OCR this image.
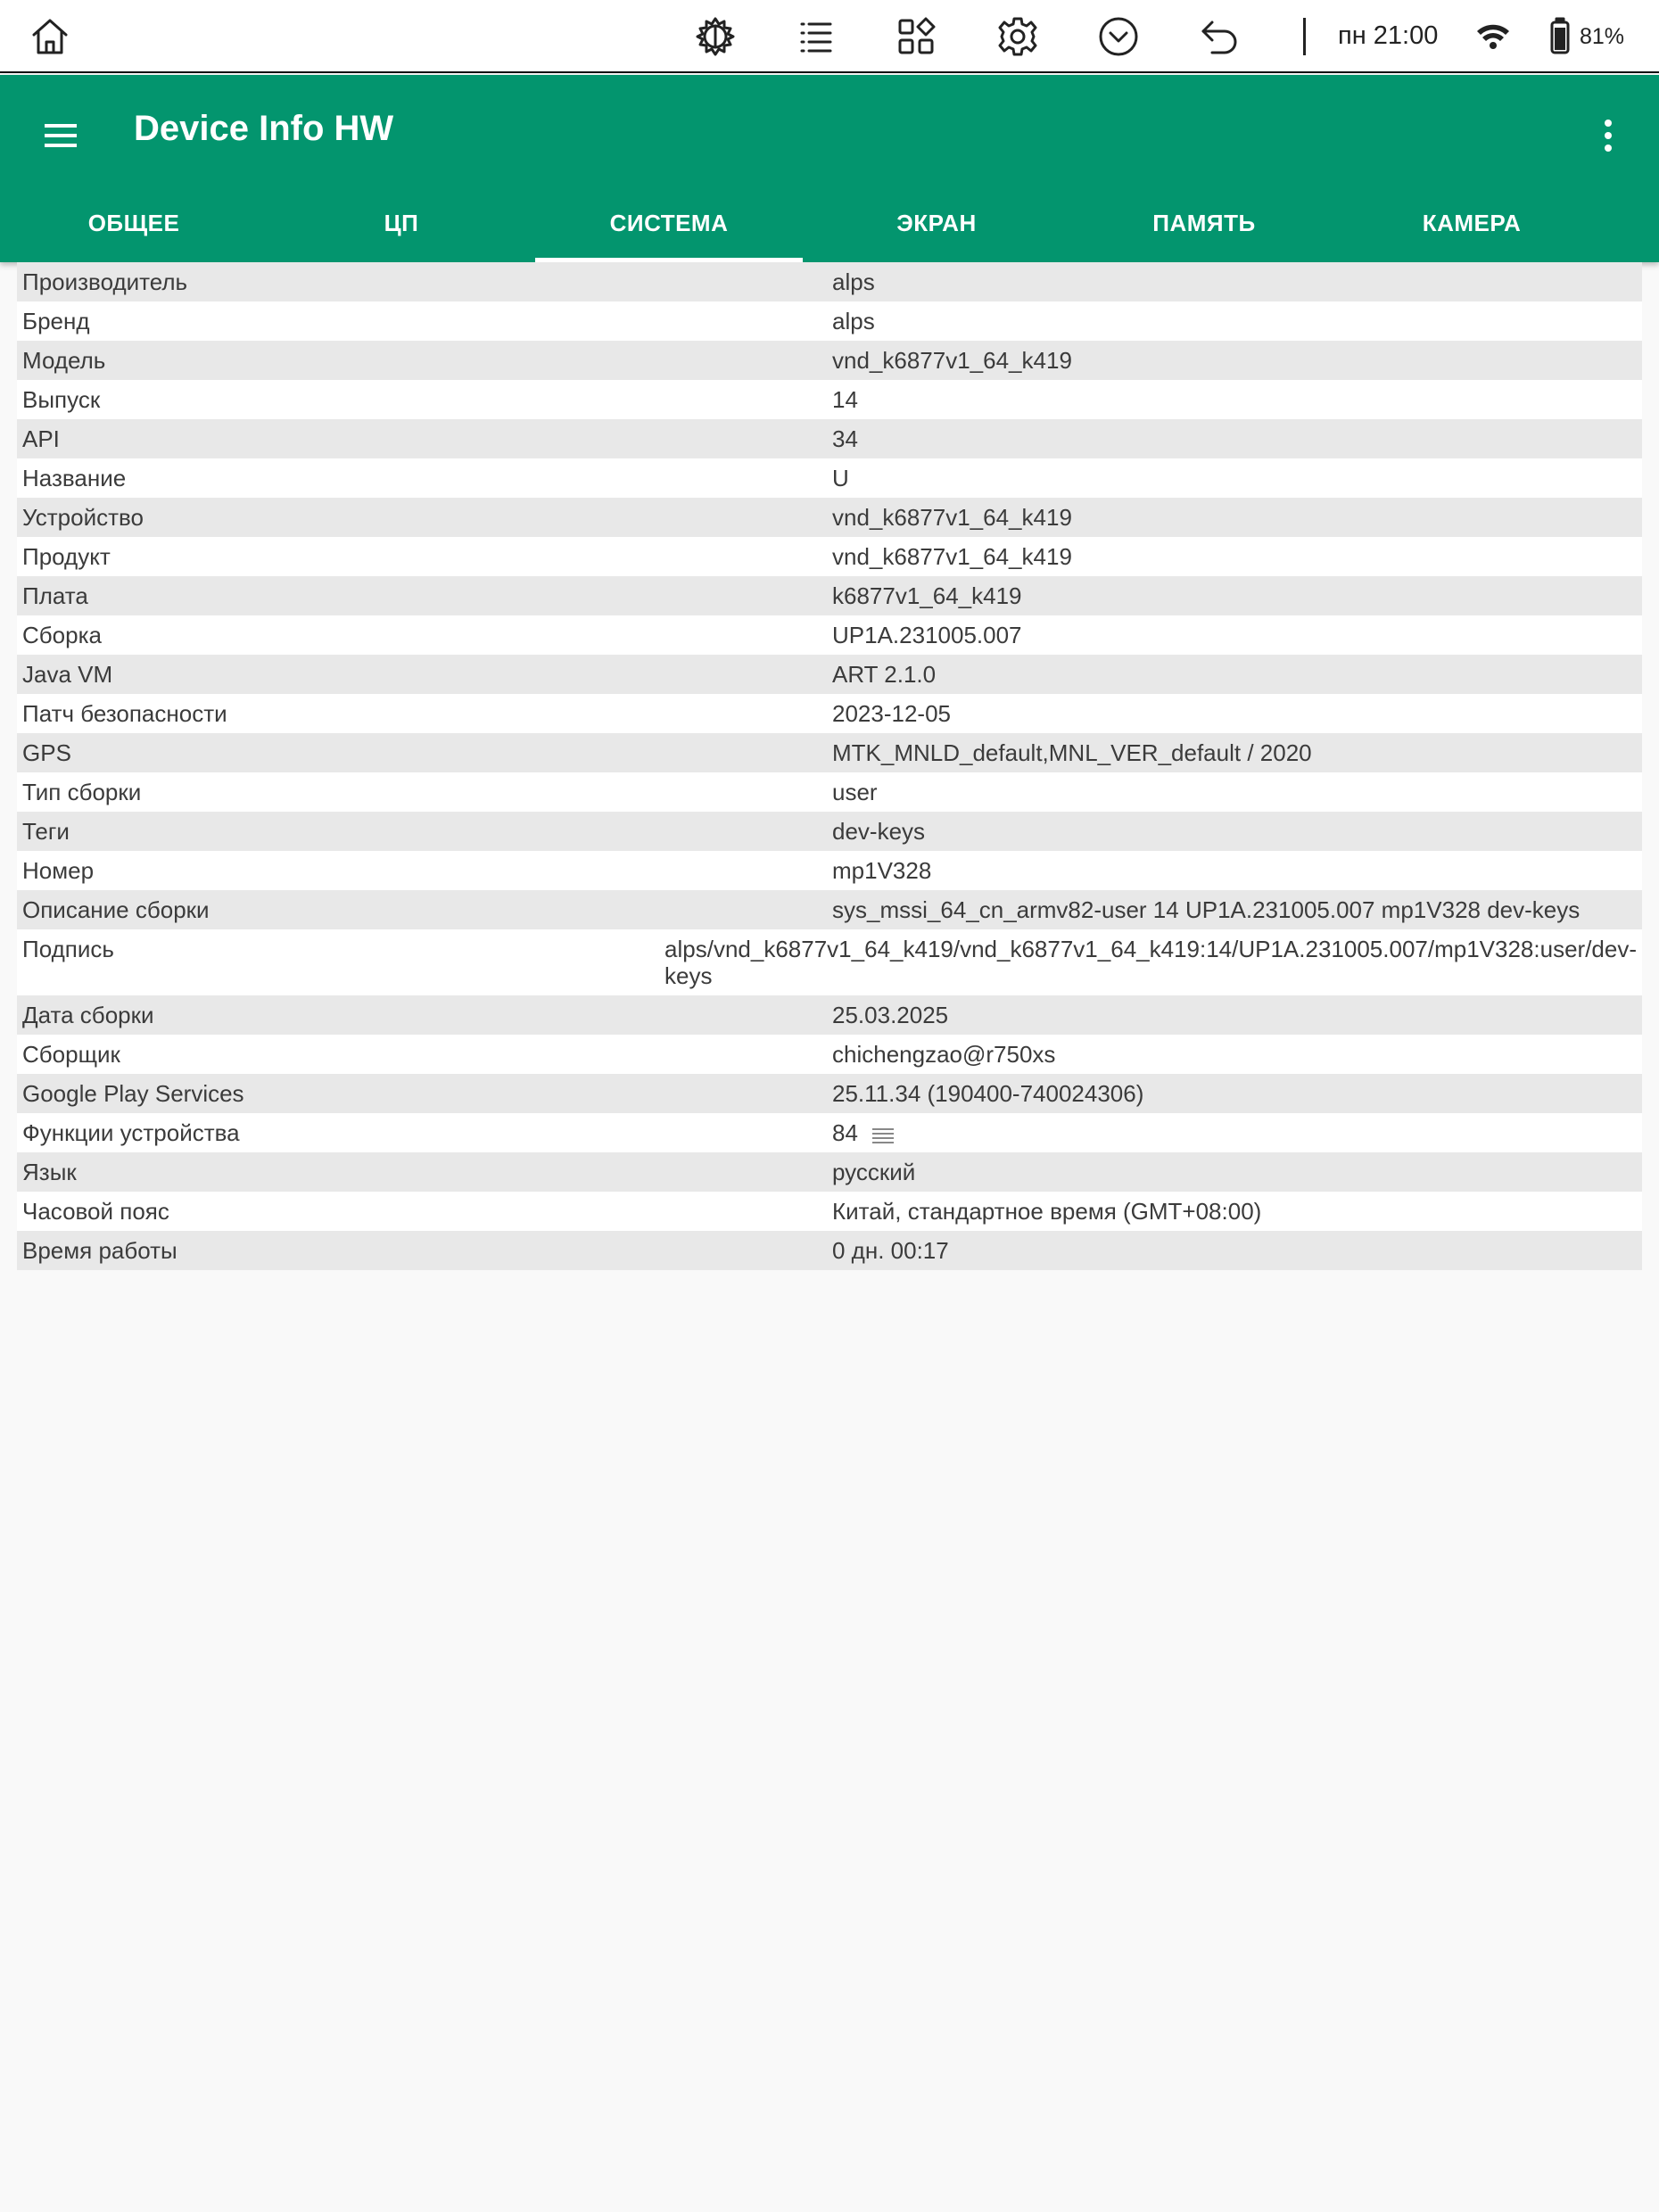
пн 21:00	81%
Device Info HW
ОБЩЕЕ	ЦП	СИСТЕМА	ЭКРАН	ПАМЯТЬ	КАМЕРА
Производитель	alps
Бренд	alps
Модель	vnd_k6877v1_64_k419
Выпуск	14
API	34
Название	U
Устройство	vnd_k6877v1_64_k419
Продукт	vnd_k6877v1_64_k419
Плата	k6877v1_64_k419
Сборка	UP1A.231005.007
Java VM	ART 2.1.0
Патч безопасности	2023-12-05
GPS	MTK_MNLD_default,MNL_VER_default / 2020
Тип сборки	user
Теги	dev-keys
Номер	mp1V328
Описание сборки	sys_mssi_64_cn_armv82-user 14 UP1A.231005.007 mp1V328 dev-keys
Подпись	alps/vnd_k6877v1_64_k419/vnd_k6877v1_64_k419:14/UP1A.231005.007/mp1V328:user/dev-keys
Дата сборки	25.03.2025
Сборщик	chichengzao@r750xs
Google Play Services	25.11.34 (190400-740024306)
Функции устройства	84
Язык	русский
Часовой пояс	Китай, стандартное время (GMT+08:00)
Время работы	0 дн. 00:17
